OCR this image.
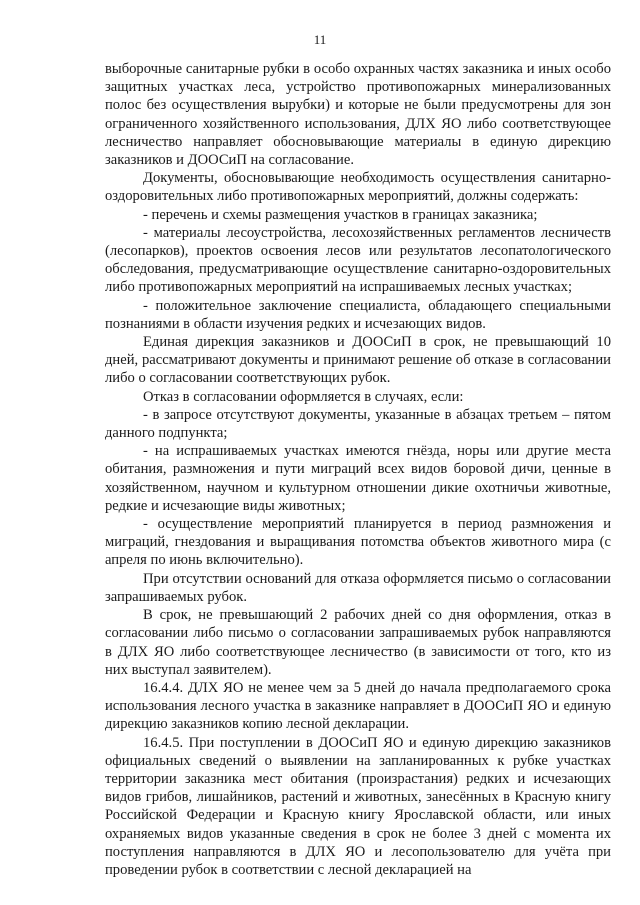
11

выборочные санитарные рубки в особо охранных частях заказника и иных особо защитных участках леса, устройство противопожарных минерализованных полос без осуществления вырубки) и которые не были предусмотрены для зон ограниченного хозяйственного использования, ДЛХ ЯО либо соответствующее лесничество направляет обосновывающие материалы в единую дирекцию заказников и ДООСиП на согласование.

Документы, обосновывающие необходимость осуществления санитарно-оздоровительных либо противопожарных мероприятий, должны содержать:

- перечень и схемы размещения участков в границах заказника;

- материалы лесоустройства, лесохозяйственных регламентов лесничеств (лесопарков), проектов освоения лесов или результатов лесопатологического обследования, предусматривающие осуществление санитарно-оздоровительных либо противопожарных мероприятий на испрашиваемых лесных участках;

- положительное заключение специалиста, обладающего специальными познаниями в области изучения редких и исчезающих видов.

Единая дирекция заказников и ДООСиП в срок, не превышающий 10 дней, рассматривают документы и принимают решение об отказе в согласовании либо о согласовании соответствующих рубок.

Отказ в согласовании оформляется в случаях, если:

- в запросе отсутствуют документы, указанные в абзацах третьем – пятом данного подпункта;

- на испрашиваемых участках имеются гнёзда, норы или другие места обитания, размножения и пути миграций всех видов боровой дичи, ценные в хозяйственном, научном и культурном отношении дикие охотничьи животные, редкие и исчезающие виды животных;

- осуществление мероприятий планируется в период размножения и миграций, гнездования и выращивания потомства объектов животного мира (с апреля по июнь включительно).

При отсутствии оснований для отказа оформляется письмо о согласовании запрашиваемых рубок.

В срок, не превышающий 2 рабочих дней со дня оформления, отказ в согласовании либо письмо о согласовании запрашиваемых рубок направляются в ДЛХ ЯО либо соответствующее лесничество (в зависимости от того, кто из них выступал заявителем).

16.4.4. ДЛХ ЯО не менее чем за 5 дней до начала предполагаемого срока использования лесного участка в заказнике направляет в ДООСиП ЯО и единую дирекцию заказников копию лесной декларации.

16.4.5. При поступлении в ДООСиП ЯО и единую дирекцию заказников официальных сведений о выявлении на запланированных к рубке участках территории заказника мест обитания (произрастания) редких и исчезающих видов грибов, лишайников, растений и животных, занесённых в Красную книгу Российской Федерации и Красную книгу Ярославской области, или иных охраняемых видов указанные сведения в срок не более 3 дней с момента их поступления направляются в ДЛХ ЯО и лесопользователю для учёта при проведении рубок в соответствии с лесной декларацией на
